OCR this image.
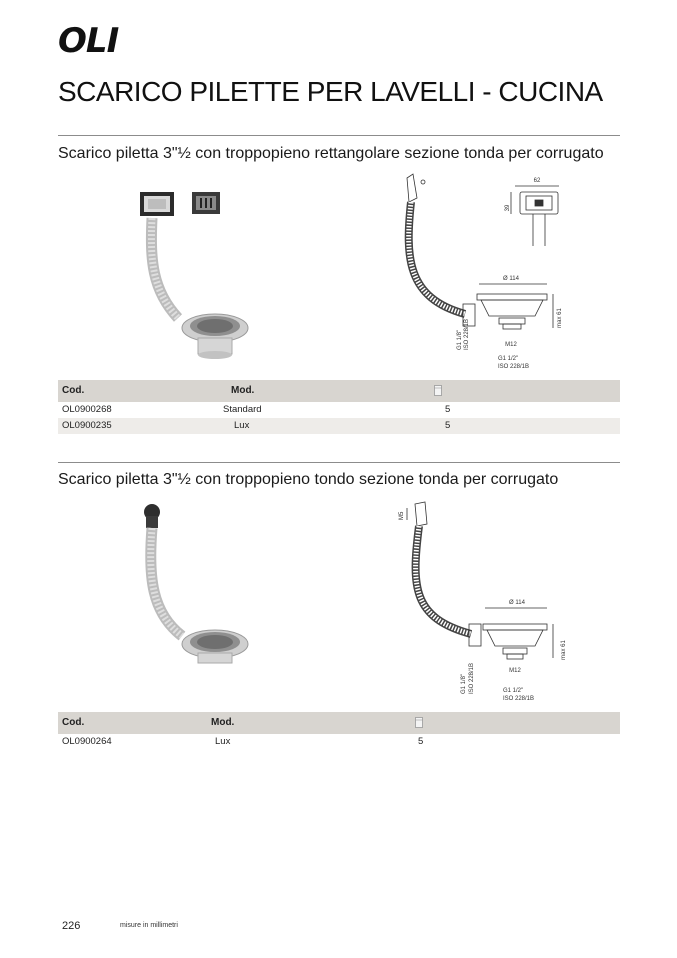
OLI
SCARICO PILETTE PER LAVELLI - CUCINA
Scarico piletta 3"½ con troppopieno rettangolare sezione tonda per corrugato
62
39
Ø 114
max 61
M12
G1 1/8" ISO 228/1B
G1 1/2"
ISO 228/1B
Cod.	Mod.
OL0900268	Standard	5
OL0900235	Lux	5
Scarico piletta 3"½ con troppopieno tondo sezione tonda per corrugato
M5
Ø 114
max 61
M12
G1 1/8" ISO 228/1B	G1 1/2"
ISO 228/1B
Cod.	Mod.
OL0900264	Lux	5
226	misure in millimetri
